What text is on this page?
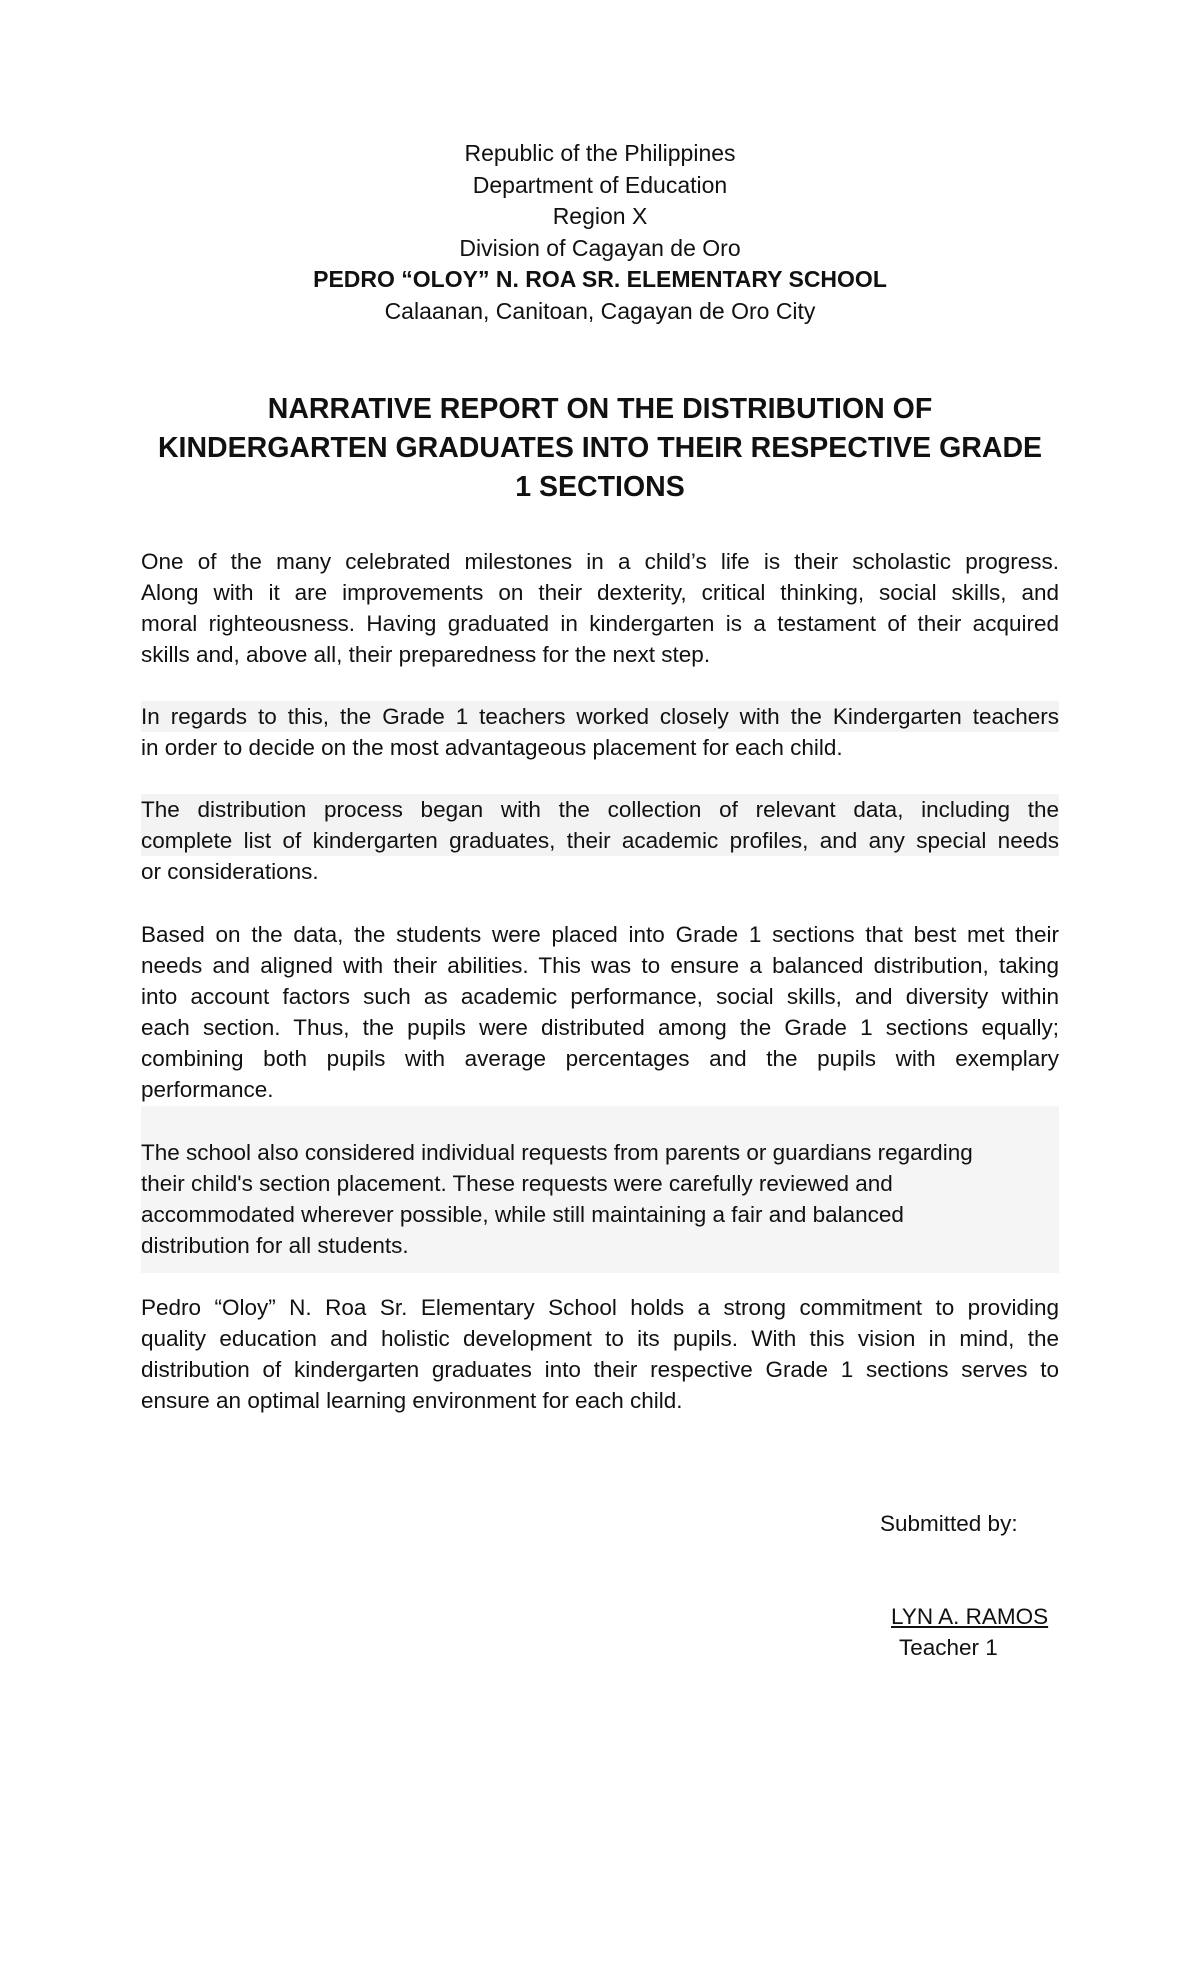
Republic of the Philippines
Department of Education
Region X
Division of Cagayan de Oro
PEDRO “OLOY” N. ROA SR. ELEMENTARY SCHOOL
Calaanan, Canitoan, Cagayan de Oro City
NARRATIVE REPORT ON THE DISTRIBUTION OF
KINDERGARTEN GRADUATES INTO THEIR RESPECTIVE GRADE
1 SECTIONS
One of the many celebrated milestones in a child’s life is their scholastic progress.
Along with it are improvements on their dexterity, critical thinking, social skills, and
moral righteousness. Having graduated in kindergarten is a testament of their acquired
skills and, above all, their preparedness for the next step.
In regards to this, the Grade 1 teachers worked closely with the Kindergarten teachers
in order to decide on the most advantageous placement for each child.
The distribution process began with the collection of relevant data, including the
complete list of kindergarten graduates, their academic profiles, and any special needs
or considerations.
Based on the data, the students were placed into Grade 1 sections that best met their
needs and aligned with their abilities. This was to ensure a balanced distribution, taking
into account factors such as academic performance, social skills, and diversity within
each section. Thus, the pupils were distributed among the Grade 1 sections equally;
combining both pupils with average percentages and the pupils with exemplary
performance.
The school also considered individual requests from parents or guardians regarding
their child's section placement. These requests were carefully reviewed and
accommodated wherever possible, while still maintaining a fair and balanced
distribution for all students.
Pedro “Oloy” N. Roa Sr. Elementary School holds a strong commitment to providing
quality education and holistic development to its pupils. With this vision in mind, the
distribution of kindergarten graduates into their respective Grade 1 sections serves to
ensure an optimal learning environment for each child.
Submitted by:
LYN A. RAMOS
Teacher 1
